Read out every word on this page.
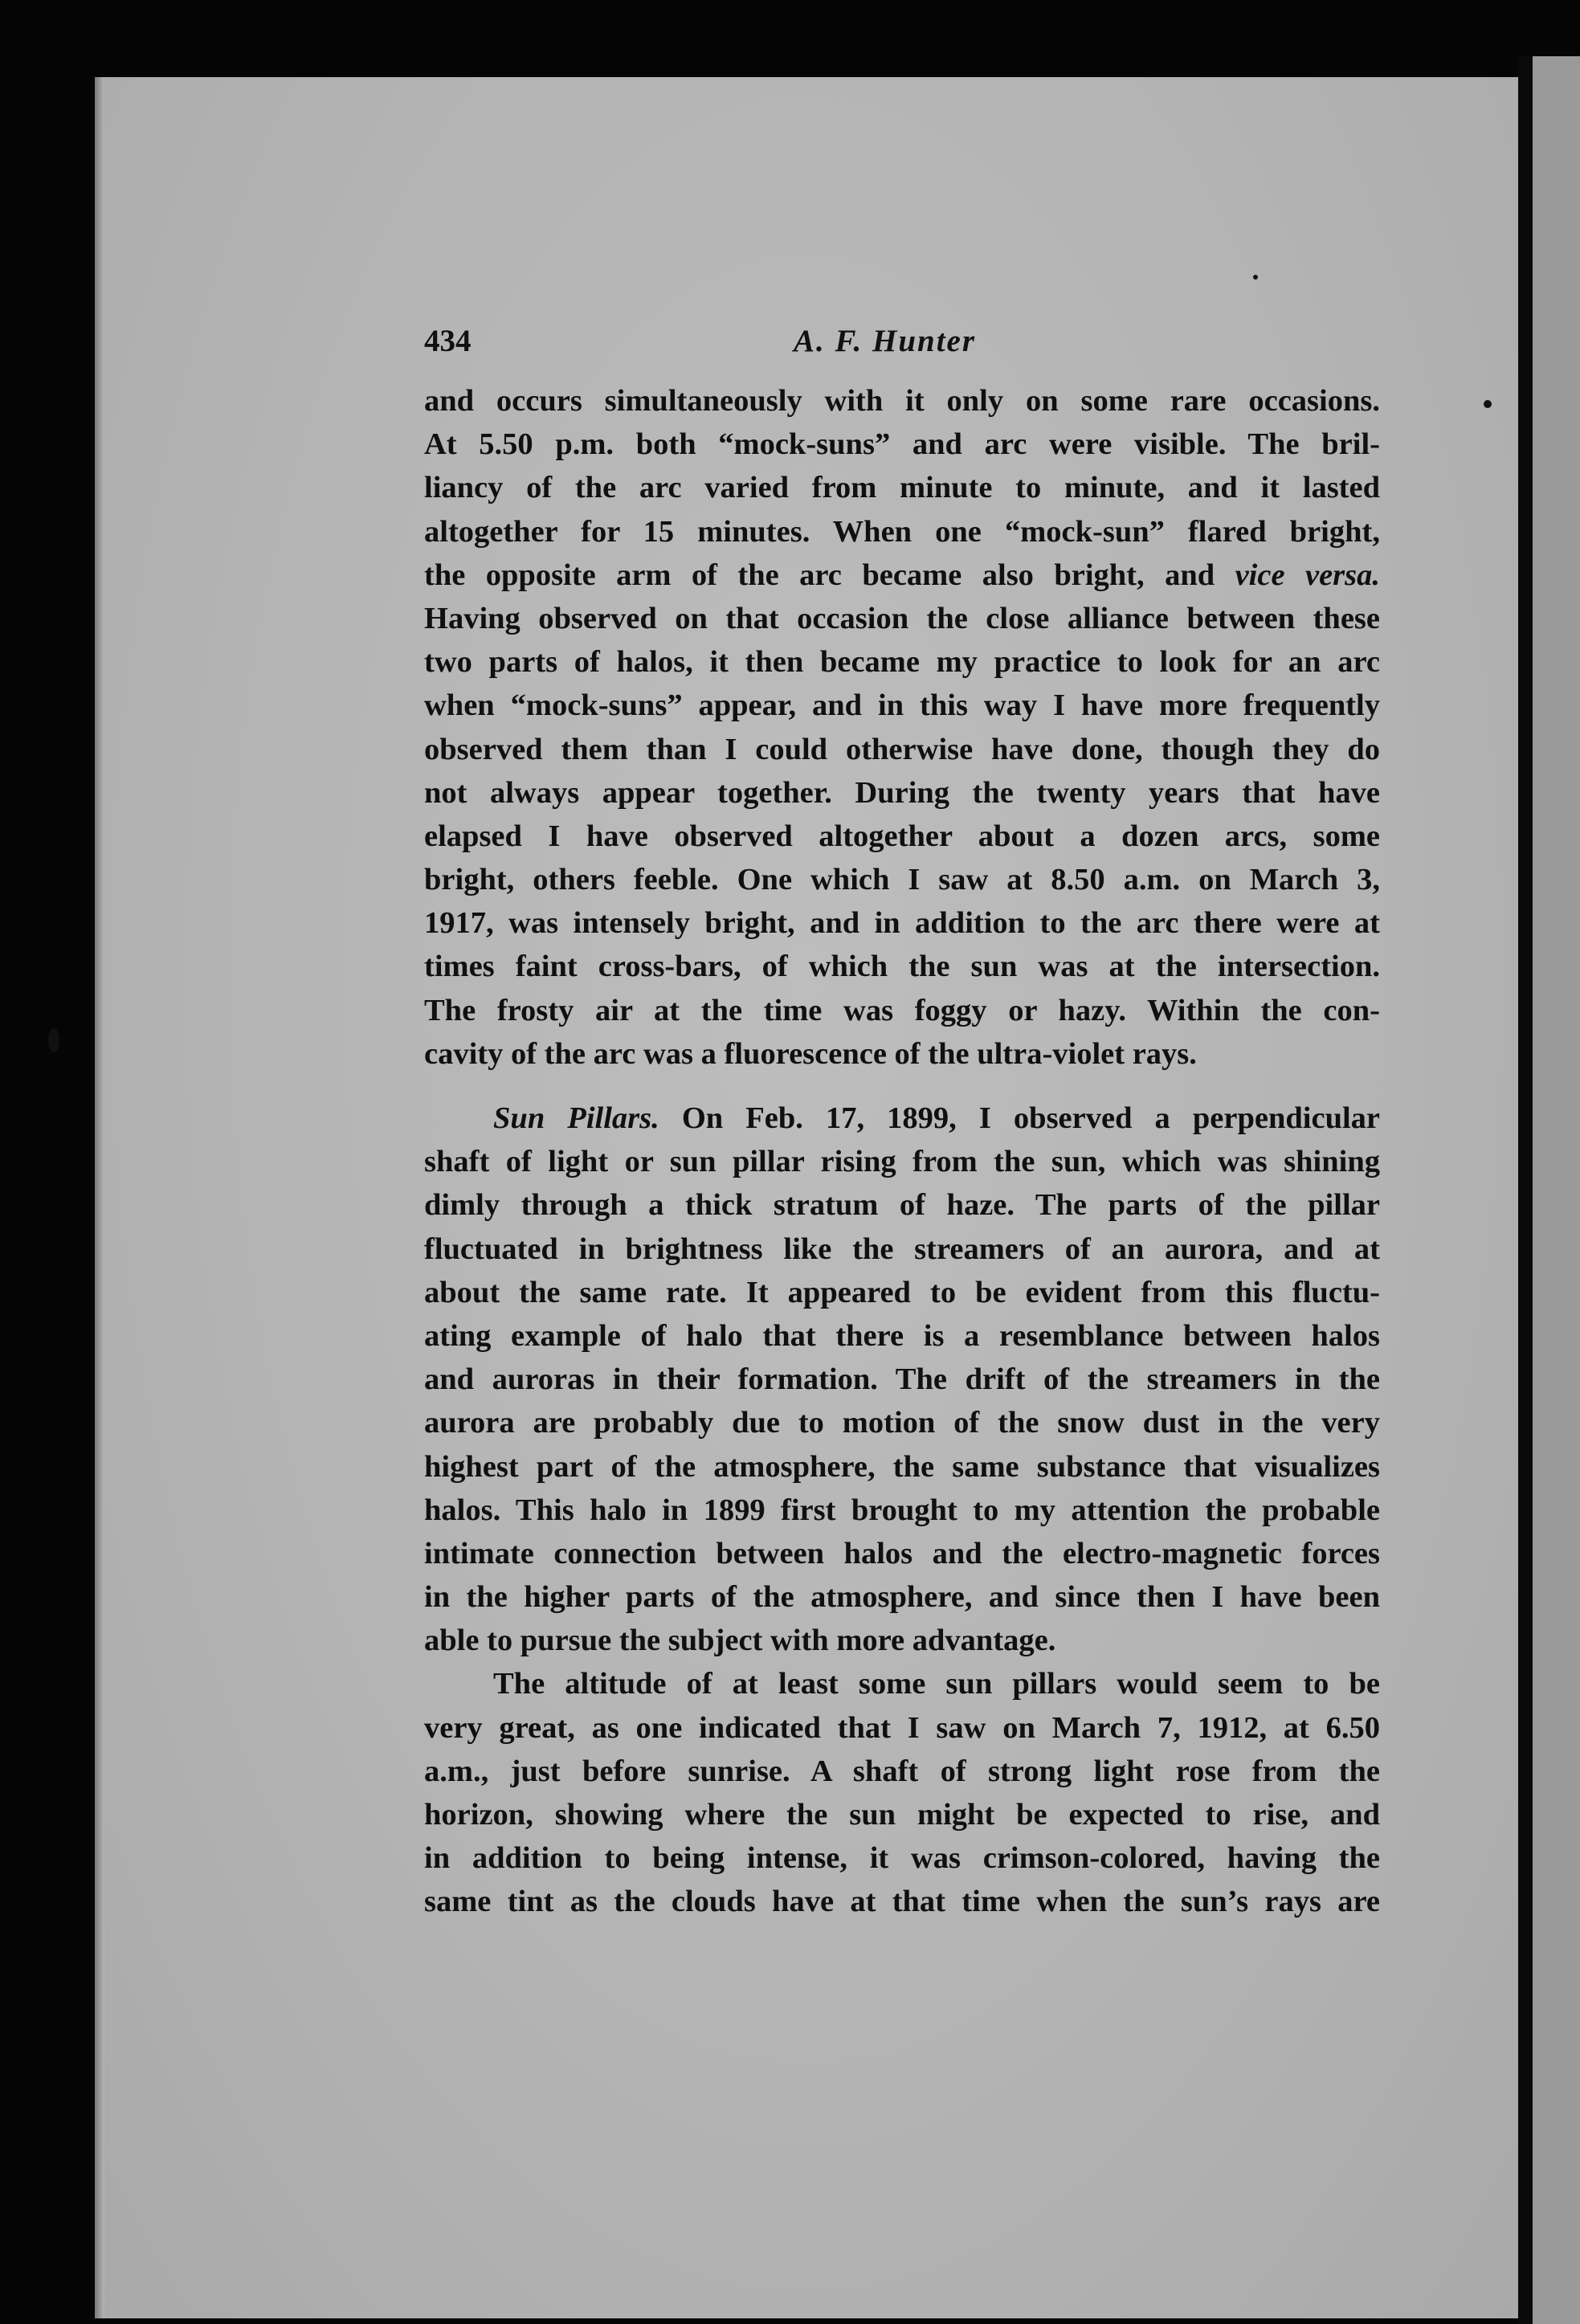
434	A. F. Hunter
and occurs simultaneously with it only on some rare occasions.
At 5.50 p.m. both “mock-suns” and arc were visible. The bril-
liancy of the arc varied from minute to minute, and it lasted
altogether for 15 minutes. When one “mock-sun” flared bright,
the opposite arm of the arc became also bright, and vice versa.
Having observed on that occasion the close alliance between these
two parts of halos, it then became my practice to look for an arc
when “mock-suns” appear, and in this way I have more frequently
observed them than I could otherwise have done, though they do
not always appear together. During the twenty years that have
elapsed I have observed altogether about a dozen arcs, some
bright, others feeble. One which I saw at 8.50 a.m. on March 3,
1917, was intensely bright, and in addition to the arc there were at
times faint cross-bars, of which the sun was at the intersection.
The frosty air at the time was foggy or hazy. Within the con-
cavity of the arc was a fluorescence of the ultra-violet rays.
Sun Pillars. On Feb. 17, 1899, I observed a perpendicular
shaft of light or sun pillar rising from the sun, which was shining
dimly through a thick stratum of haze. The parts of the pillar
fluctuated in brightness like the streamers of an aurora, and at
about the same rate. It appeared to be evident from this fluctu-
ating example of halo that there is a resemblance between halos
and auroras in their formation. The drift of the streamers in the
aurora are probably due to motion of the snow dust in the very
highest part of the atmosphere, the same substance that visualizes
halos. This halo in 1899 first brought to my attention the probable
intimate connection between halos and the electro-magnetic forces
in the higher parts of the atmosphere, and since then I have been
able to pursue the subject with more advantage.
The altitude of at least some sun pillars would seem to be
very great, as one indicated that I saw on March 7, 1912, at 6.50
a.m., just before sunrise. A shaft of strong light rose from the
horizon, showing where the sun might be expected to rise, and
in addition to being intense, it was crimson-colored, having the
same tint as the clouds have at that time when the sun’s rays are
